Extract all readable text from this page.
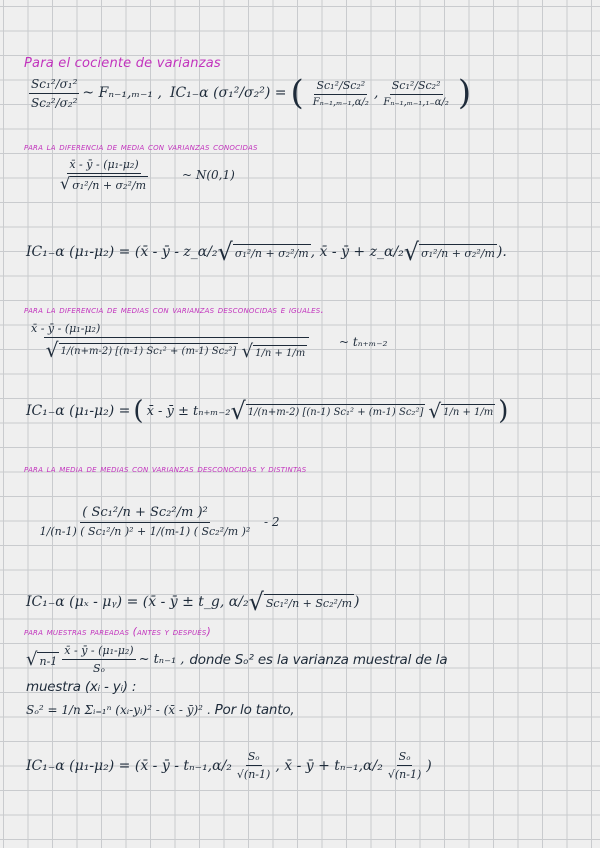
Para el cociente de varianzas
$\frac{\text{Sc₁²/σ₁²}}{\text{Sc₂²/σ₂²}}$ ~ Fₙ₋₁,ₘ₋₁ , IC₁₋α (σ₁²/σ₂²) = ( $\frac{\text{Sc₁²/Sc₂²}}{\text{Fₙ₋₁,ₘ₋₁,α/₂}}$ , $\frac{\text{Sc₁²/Sc₂²}}{\text{Fₙ₋₁,ₘ₋₁,₁₋α/₂}}$ )
para la diferencia de media con varianzas conocidas
$\frac{\text{x̄ - ȳ - (μ₁-μ₂)}}{\text{√ σ₁²/n + σ₂²/m}}$ ~ N(0,1)
IC₁₋α (μ₁-μ₂) = (x̄ - ȳ - z_α/₂ √ σ₁²/n + σ₂²/m , x̄ - ȳ + z_α/₂ √ σ₁²/n + σ₂²/m ).
para la diferencia de medias con varianzas desconocidas e iguales.
x̄ - ȳ - (μ₁-μ₂)
√ 1/(n+m-2) [(n-1) Sc₁² + (m-1) Sc₂²]
√ 1/n + 1/m ~ tₙ₊ₘ₋₂
IC₁₋α (μ₁-μ₂) = ( x̄ - ȳ ± tₙ₊ₘ₋₂ √ 1/(n+m-2) [(n-1) Sc₁² + (m-1) Sc₂²] √ 1/n + 1/m )
para la media de medias con varianzas desconocidas y distintas
$\frac{\text{( Sc₁²/n + Sc₂²/m )²}}{\text{1/(n-1) ( Sc₁²/n )² + 1/(m-1) ( Sc₂²/m )²}} - 2$
IC₁₋α (μₓ - μᵧ) = (x̄ - ȳ ± t_g, α/₂ √ Sc₁²/n + Sc₂²/m )
para muestras pareadas (antes y después)
√ $n-1 \frac{\text{x̄ - ȳ - (μ₁-μ₂)}}{\text{Sₒ}}$ ~ tₙ₋₁ , donde Sₒ² es la varianza muestral de la
muestra (xᵢ - yᵢ) :
Sₒ² = 1/n Σᵢ₌₁ⁿ (xᵢ-yᵢ)² - (x̄ - ȳ)² . Por lo tanto,
IC₁₋α (μ₁-μ₂) = (x̄ - ȳ - $t_{n-1},\alpha/_2 \frac{\text{Sₒ}}{√(n-1)}$ , x̄ - ȳ + $t_{n-1},\alpha/_2 \frac{\text{Sₒ}}{√(n-1)}$ )
